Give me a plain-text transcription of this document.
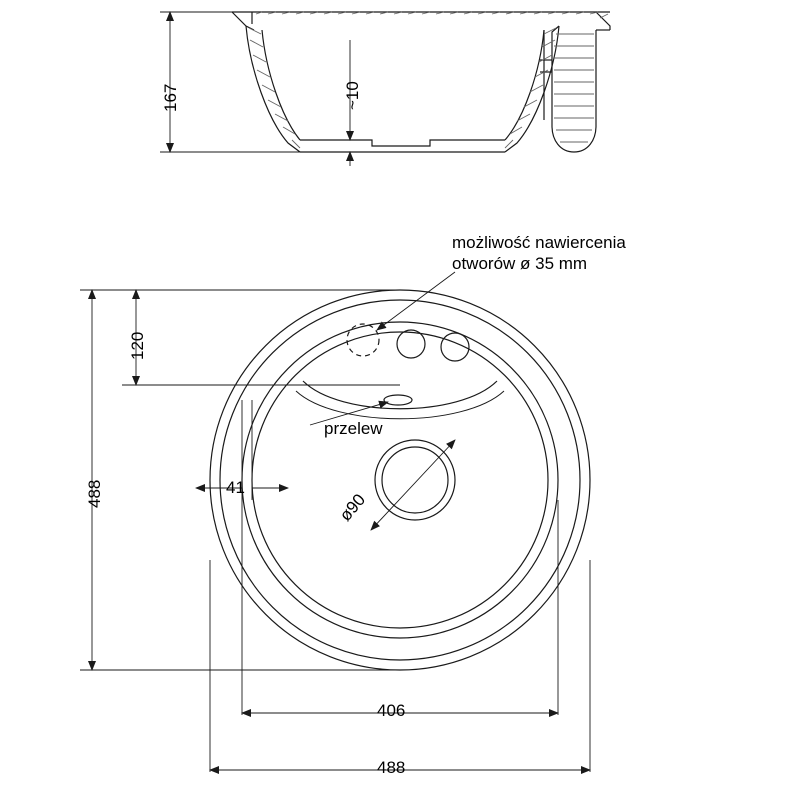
167	~10
możliwość nawiercenia
otworów ø 35 mm
120
488
przelew
41
ø90
406
488
